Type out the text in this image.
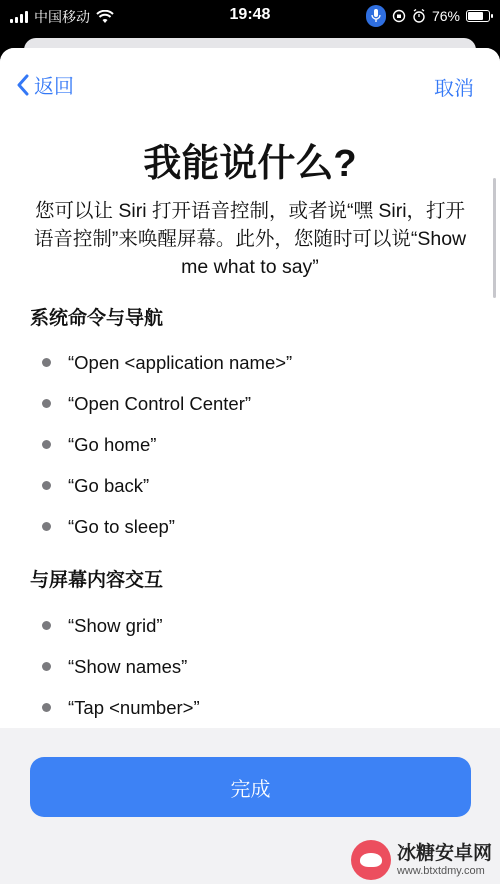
中国移动	19:48	76%
返回	取消
我能说什么?
您可以让 Siri 打开语音控制，或者说“嘿 Siri，打开语音控制”来唤醒屏幕。此外，您随时可以说“Show me what to say”
系统命令与导航
“Open <application name>”
“Open Control Center”
“Go home”
“Go back”
“Go to sleep”
与屏幕内容交互
“Show grid”
“Show names”
“Tap <number>”
完成
冰糖安卓网
www.btxtdmy.com
